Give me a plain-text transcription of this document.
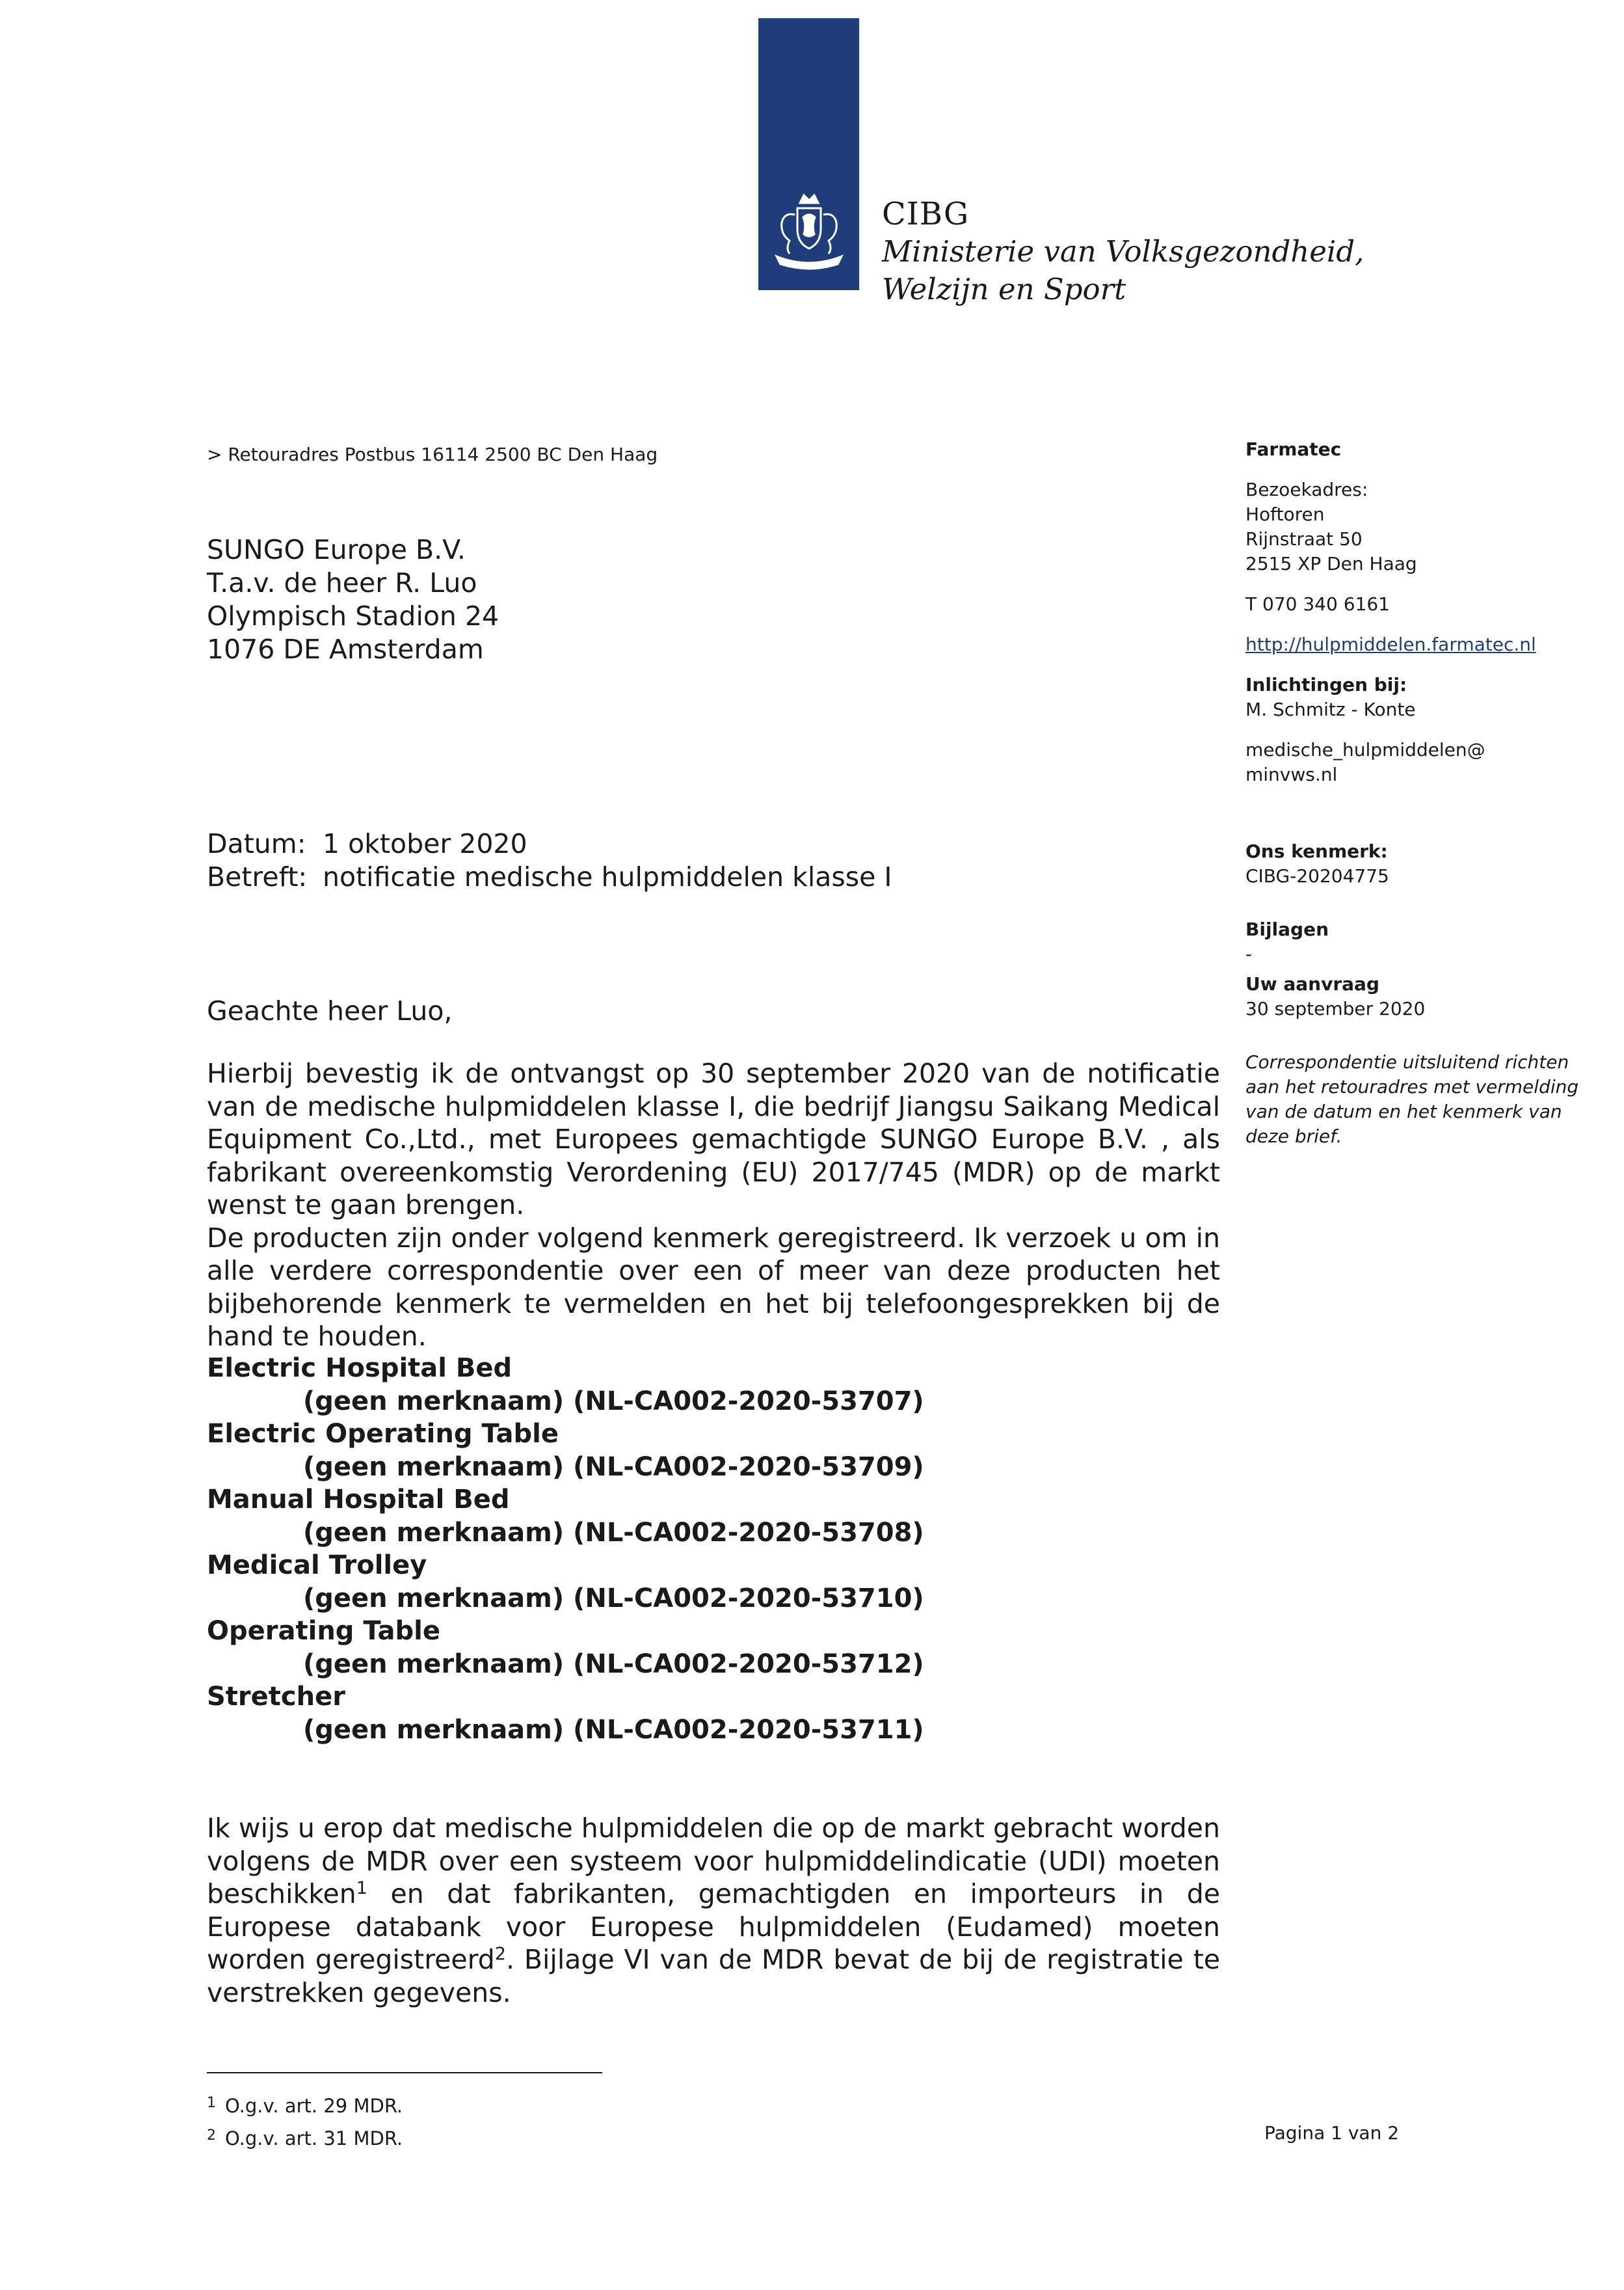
CIBG
Ministerie van Volksgezondheid,
Welzijn en Sport
> Retouradres Postbus 16114 2500 BC Den Haag
SUNGO Europe B.V.
T.a.v. de heer R. Luo
Olympisch Stadion 24
1076 DE Amsterdam
Datum: 1 oktober 2020
Betreft: notificatie medische hulpmiddelen klasse I
Geachte heer Luo,
Hierbij bevestig ik de ontvangst op 30 september 2020 van de notificatie van de medische hulpmiddelen klasse I, die bedrijf Jiangsu Saikang Medical Equipment Co.,Ltd., met Europees gemachtigde SUNGO Europe B.V. , als fabrikant overeenkomstig Verordening (EU) 2017/745 (MDR) op de markt wenst te gaan brengen.
De producten zijn onder volgend kenmerk geregistreerd. Ik verzoek u om in alle verdere correspondentie over een of meer van deze producten het bijbehorende kenmerk te vermelden en het bij telefoongesprekken bij de hand te houden.
Electric Hospital Bed
(geen merknaam) (NL-CA002-2020-53707)
Electric Operating Table
(geen merknaam) (NL-CA002-2020-53709)
Manual Hospital Bed
(geen merknaam) (NL-CA002-2020-53708)
Medical Trolley
(geen merknaam) (NL-CA002-2020-53710)
Operating Table
(geen merknaam) (NL-CA002-2020-53712)
Stretcher
(geen merknaam) (NL-CA002-2020-53711)
Ik wijs u erop dat medische hulpmiddelen die op de markt gebracht worden volgens de MDR over een systeem voor hulpmiddelindicatie (UDI) moeten beschikken$^1$ en dat fabrikanten, gemachtigden en importeurs in de Europese databank voor Europese hulpmiddelen (Eudamed) moeten worden geregistreerd$^2$. Bijlage VI van de MDR bevat de bij de registratie te verstrekken gegevens.
$^1$ O.g.v. art. 29 MDR.
$^2$ O.g.v. art. 31 MDR.
Farmatec
Bezoekadres:
Hoftoren
Rijnstraat 50
2515 XP Den Haag
T 070 340 6161
http://hulpmiddelen.farmatec.nl
Inlichtingen bij:
M. Schmitz - Konte
medische_hulpmiddelen@
minvws.nl
Ons kenmerk:
CIBG-20204775
Bijlagen
-
Uw aanvraag
30 september 2020
Correspondentie uitsluitend richten aan het retouradres met vermelding van de datum en het kenmerk van deze brief.
Pagina 1 van 2
